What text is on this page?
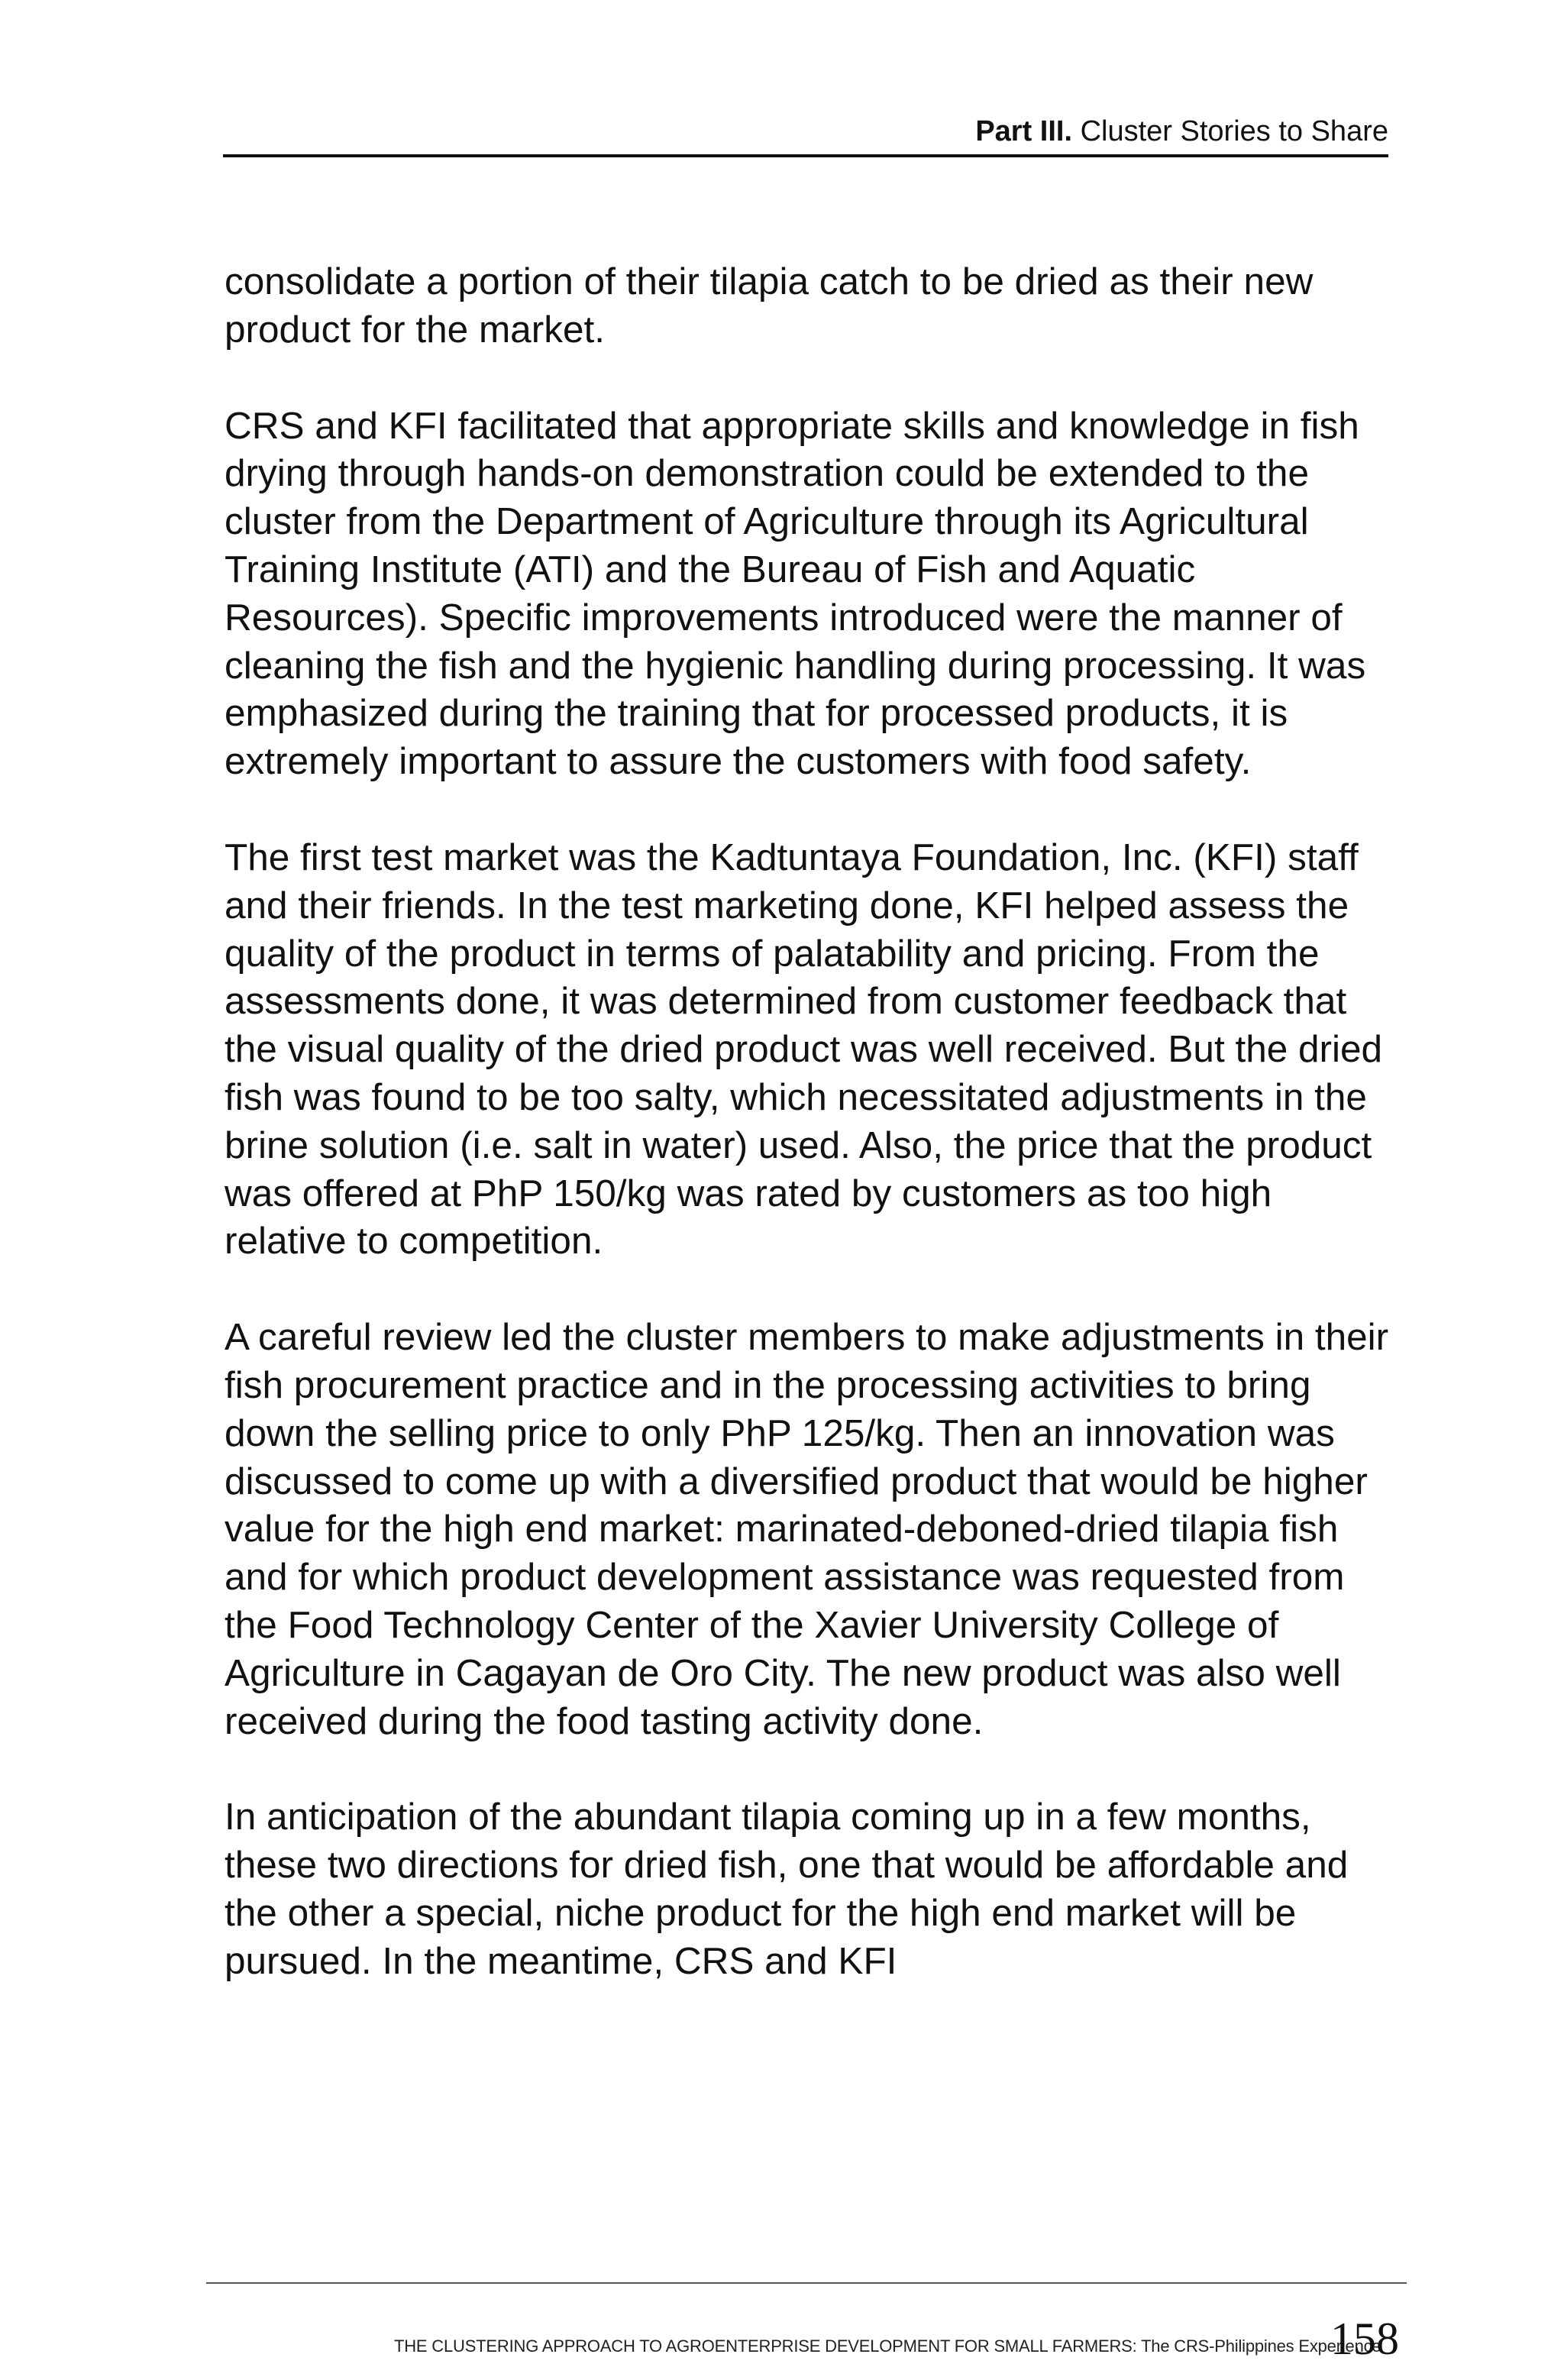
Part III. Cluster Stories to Share

consolidate a portion of their tilapia catch to be dried as their new product for the market.

CRS and KFI facilitated that appropriate skills and knowledge in fish drying through hands-on demonstration could be extended to the cluster from the Department of Agriculture through its Agricultural Training Institute (ATI) and the Bureau of Fish and Aquatic Resources). Specific improvements introduced were the manner of cleaning the fish and the hygienic handling during processing. It was emphasized during the training that for processed products, it is extremely important to assure the customers with food safety.

The first test market was the Kadtuntaya Foundation, Inc. (KFI) staff and their friends. In the test marketing done, KFI helped assess the quality of the product in terms of palatability and pricing. From the assessments done, it was determined from customer feedback that the visual quality of the dried product was well received. But the dried fish was found to be too salty, which necessitated adjustments in the brine solution (i.e. salt in water) used. Also, the price that the product was offered at PhP 150/kg was rated by customers as too high relative to competition.

A careful review led the cluster members to make adjustments in their fish procurement practice and in the processing activities to bring down the selling price to only PhP 125/kg. Then an innovation was discussed to come up with a diversified product that would be higher value for the high end market: marinated-deboned-dried tilapia fish and for which product development assistance was requested from the Food Technology Center of the Xavier University College of Agriculture in Cagayan de Oro City. The new product was also well received during the food tasting activity done.

In anticipation of the abundant tilapia coming up in a few months, these two directions for dried fish, one that would be affordable and the other a special, niche product for the high end market will be pursued. In the meantime, CRS and KFI

THE CLUSTERING APPROACH TO AGROENTERPRISE DEVELOPMENT FOR SMALL FARMERS: The CRS-Philippines Experience
158
